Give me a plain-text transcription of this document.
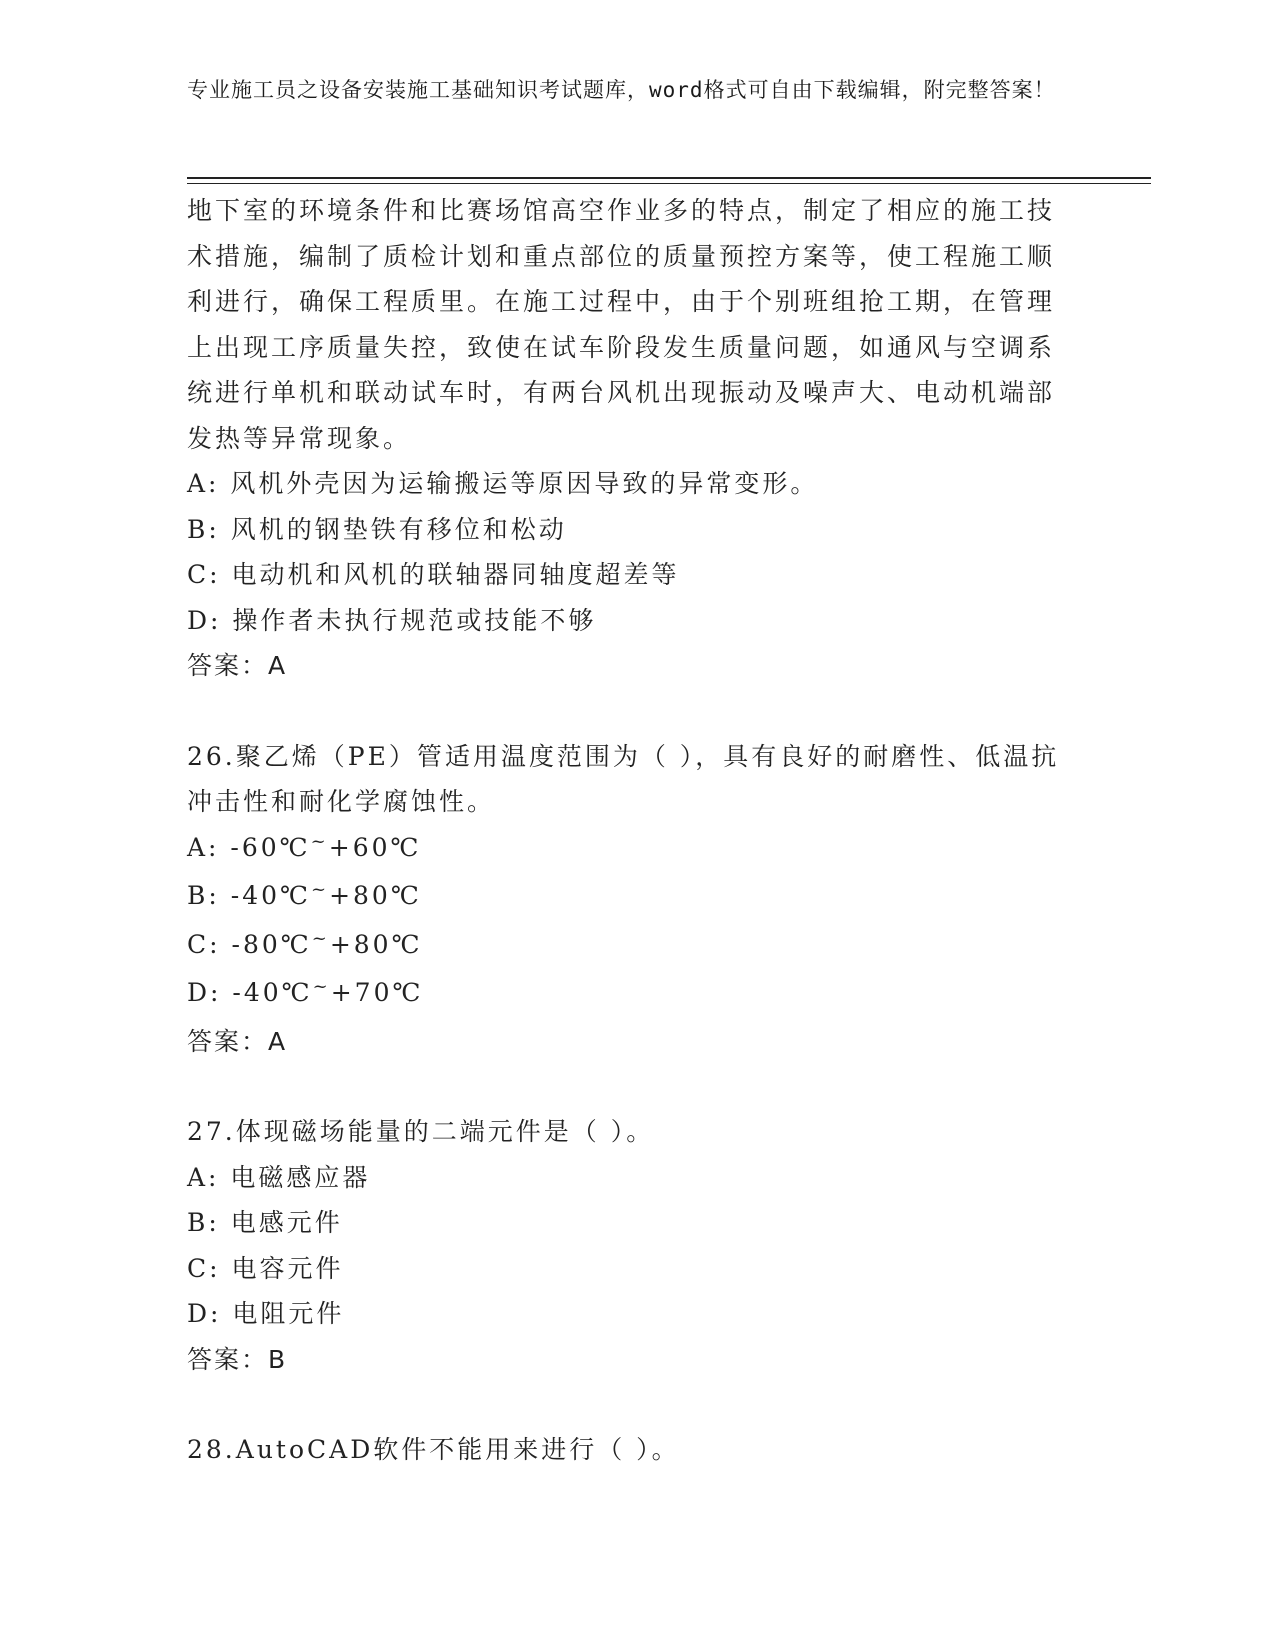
专业施工员之设备安装施工基础知识考试题库，word格式可自由下载编辑，附完整答案！

地下室的环境条件和比赛场馆高空作业多的特点，制定了相应的施工技术措施，编制了质检计划和重点部位的质量预控方案等，使工程施工顺利进行，确保工程质里。在施工过程中，由于个别班组抢工期，在管理上出现工序质量失控，致使在试车阶段发生质量问题，如通风与空调系统进行单机和联动试车时，有两台风机出现振动及噪声大、电动机端部发热等异常现象。

A: 风机外壳因为运输搬运等原因导致的异常变形。

B: 风机的钢垫铁有移位和松动

C: 电动机和风机的联轴器同轴度超差等

D: 操作者未执行规范或技能不够

答案：A

26.聚乙烯（PE）管适用温度范围为（ ），具有良好的耐磨性、低温抗冲击性和耐化学腐蚀性。

A: -60℃~+60℃

B: -40℃~+80℃

C: -80℃~+80℃

D: -40℃~+70℃

答案：A

27.体现磁场能量的二端元件是（ ）。

A: 电磁感应器

B: 电感元件

C: 电容元件

D: 电阻元件

答案：B

28.AutoCAD软件不能用来进行（ ）。
